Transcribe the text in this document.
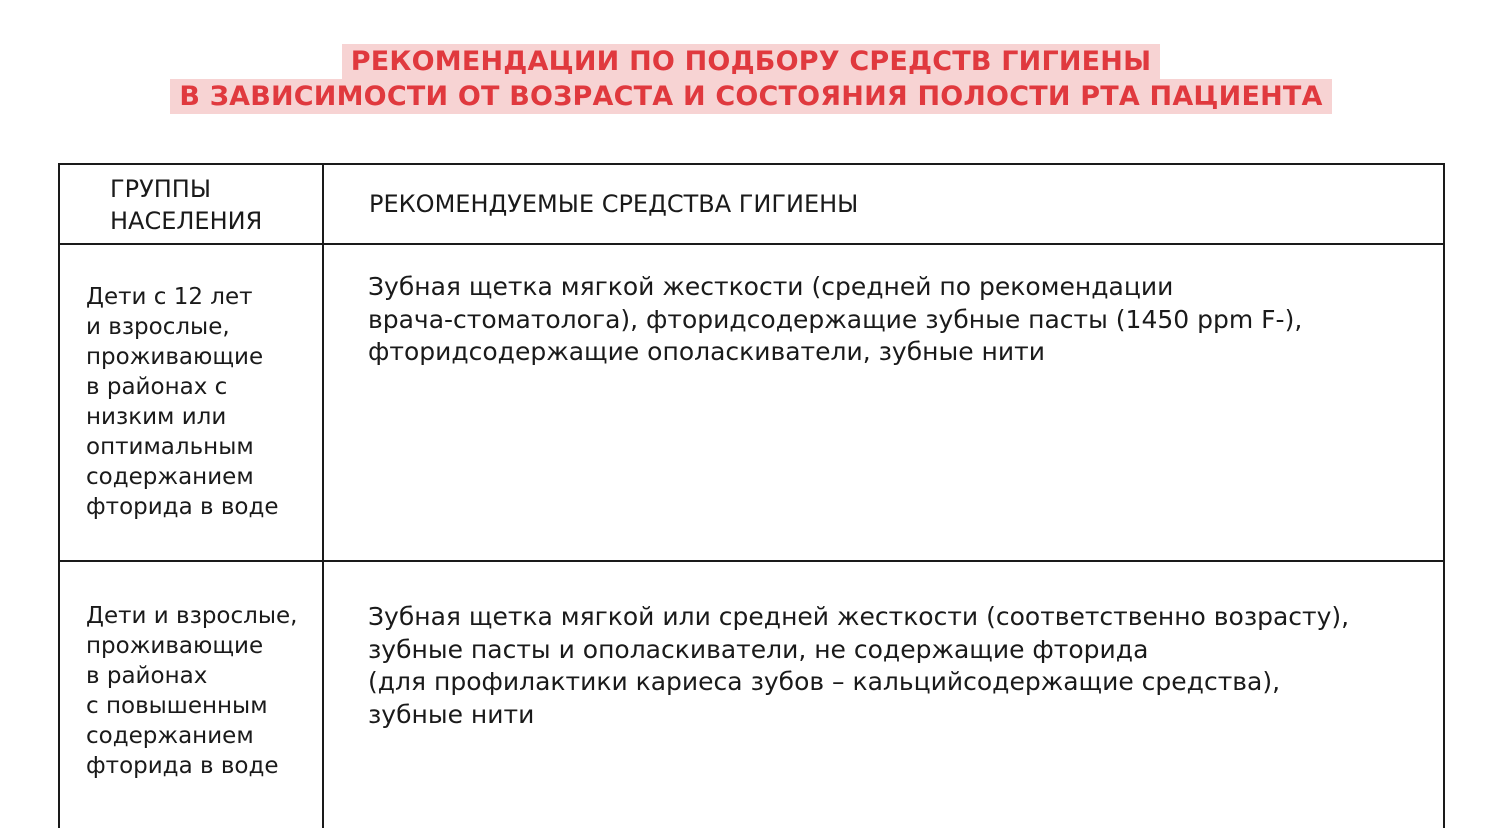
РЕКОМЕНДАЦИИ ПО ПОДБОРУ СРЕДСТВ ГИГИЕНЫ
В ЗАВИСИМОСТИ ОТ ВОЗРАСТА И СОСТОЯНИЯ ПОЛОСТИ РТА ПАЦИЕНТА
ГРУППЫ
НАСЕЛЕНИЯ
РЕКОМЕНДУЕМЫЕ СРЕДСТВА ГИГИЕНЫ
Дети с 12 лет
и взрослые,
проживающие
в районах с
низким или
оптимальным
содержанием
фторида в воде
Зубная щетка мягкой жесткости (средней по рекомендации
врача-стоматолога), фторидсодержащие зубные пасты (1450 ppm F-),
фторидсодержащие ополаскиватели, зубные нити
Дети и взрослые,
проживающие
в районах
с повышенным
содержанием
фторида в воде
Зубная щетка мягкой или средней жесткости (соответственно возрасту),
зубные пасты и ополаскиватели, не содержащие фторида
(для профилактики кариеса зубов – кальцийсодержащие средства),
зубные нити
